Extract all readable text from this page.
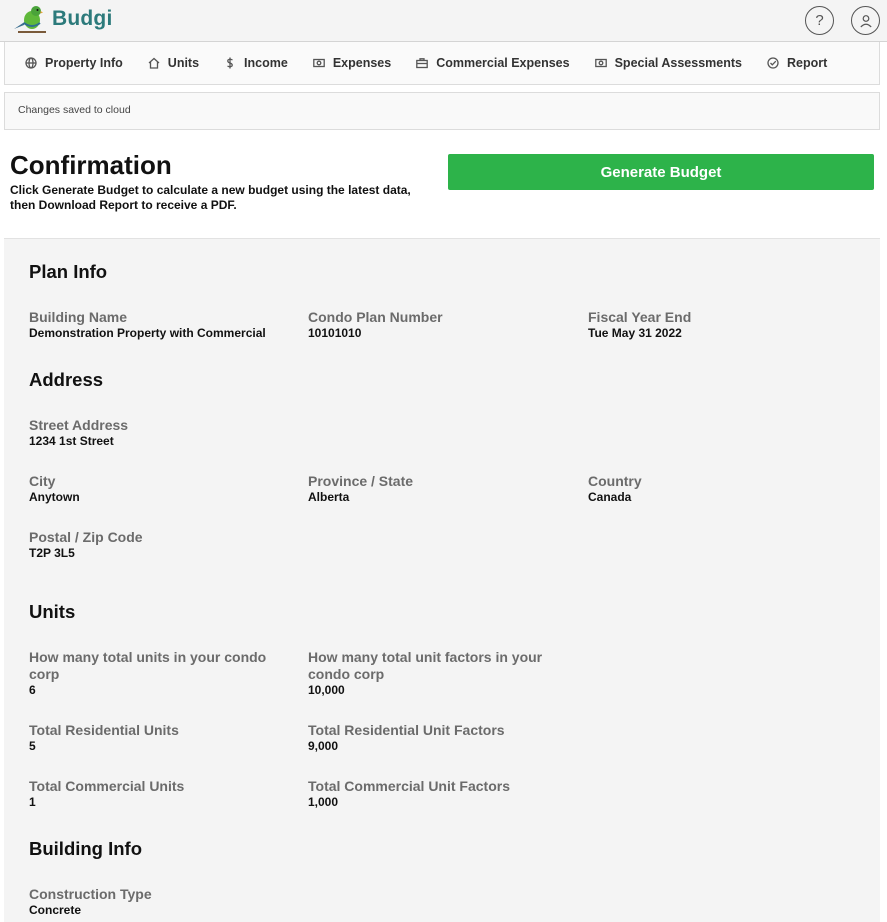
Budgi	?
Property Info	Units	Income	Expenses	Commercial Expenses	Special Assessments	Report
Changes saved to cloud
Confirmation
Click Generate Budget to calculate a new budget using the latest data, then Download Report to receive a PDF.
Generate Budget
Plan Info
Building Name
Demonstration Property with Commercial
Condo Plan Number
10101010
Fiscal Year End
Tue May 31 2022
Address
Street Address
1234 1st Street
City
Anytown
Province / State
Alberta
Country
Canada
Postal / Zip Code
T2P 3L5
Units
How many total units in your condo corp
6
How many total unit factors in your condo corp
10,000
Total Residential Units
5
Total Residential Unit Factors
9,000
Total Commercial Units
1
Total Commercial Unit Factors
1,000
Building Info
Construction Type
Concrete
